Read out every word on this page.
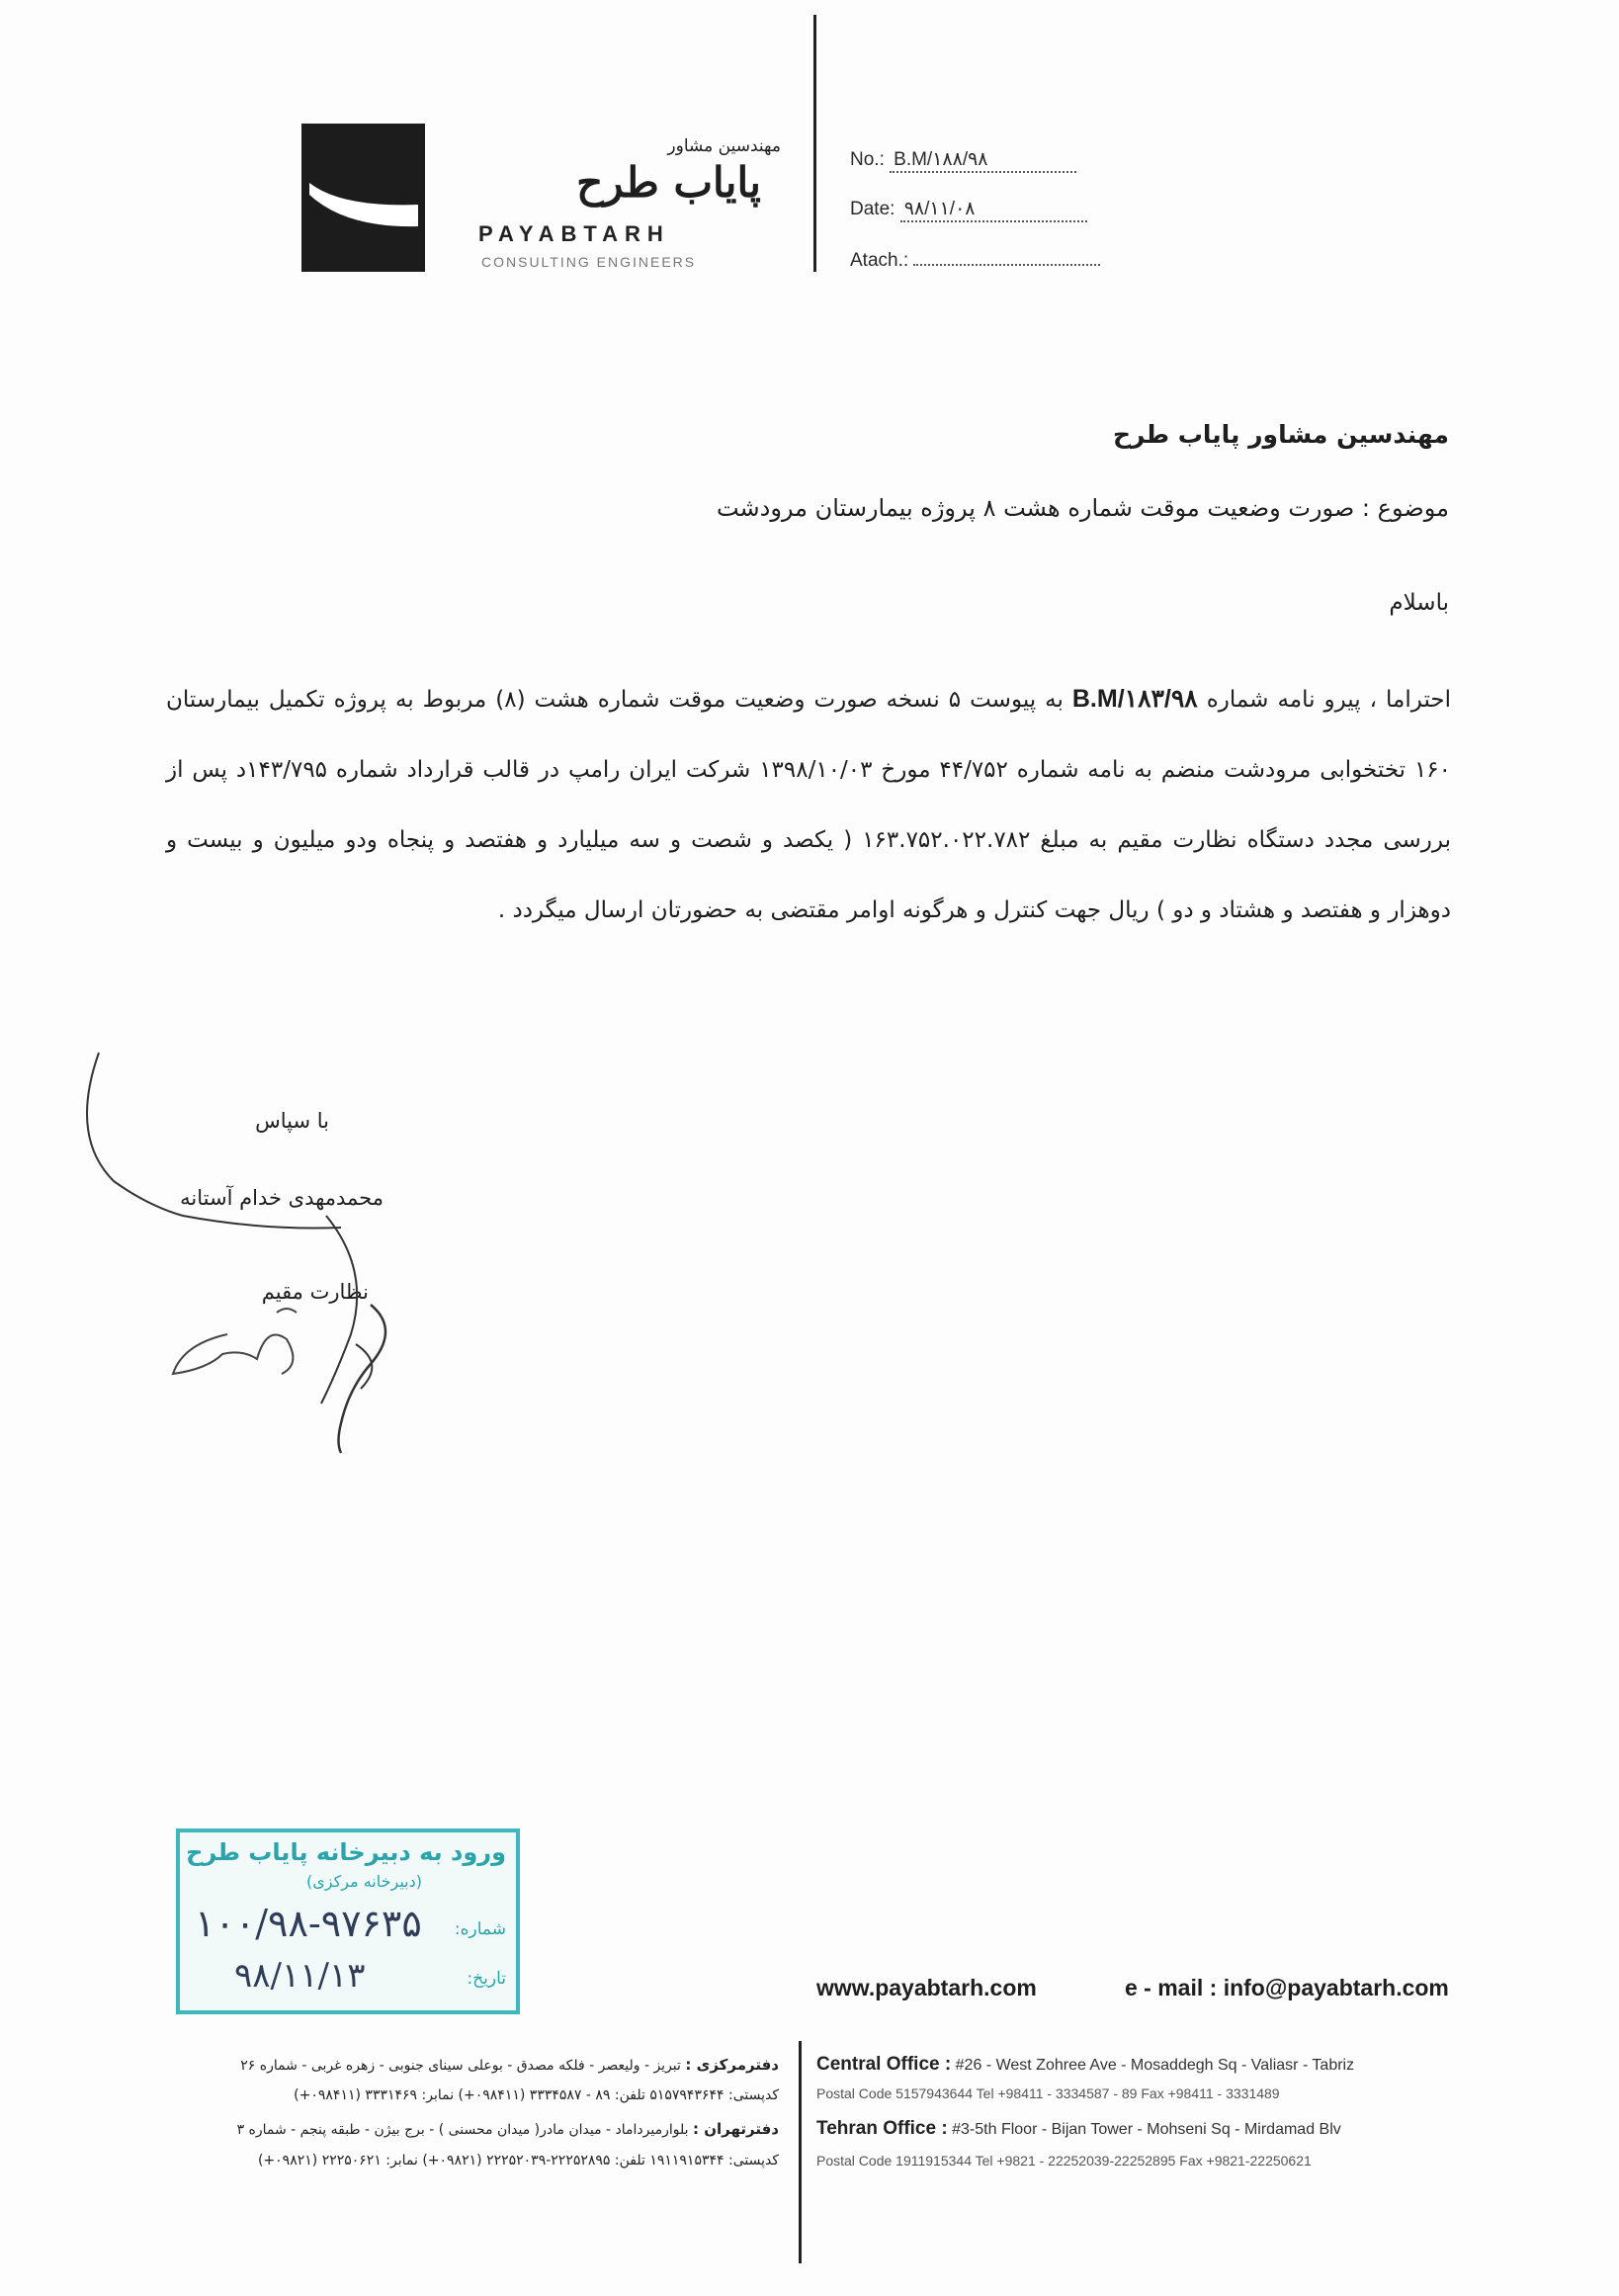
مهندسین مشاور
پایاب طرح
PAYABTARH
CONSULTING ENGINEERS
No.: B.M/۱۸۸/۹۸
Date: ۹۸/۱۱/۰۸
Atach.:
مهندسین مشاور پایاب طرح
موضوع : صورت وضعیت موقت شماره هشت ۸ پروژه بیمارستان مرودشت
باسلام
احتراما ، پیرو نامه شماره B.M/۱۸۳/۹۸ به پیوست ۵ نسخه صورت وضعیت موقت شماره هشت (۸) مربوط به پروژه تکمیل بیمارستان ۱۶۰ تختخوابی مرودشت منضم به نامه شماره ۴۴/۷۵۲ مورخ ۱۳۹۸/۱۰/۰۳ شرکت ایران رامپ در قالب قرارداد شماره ۱۴۳/۷۹۵د پس از بررسی مجدد دستگاه نظارت مقیم به مبلغ ۱۶۳.۷۵۲.۰۲۲.۷۸۲ ( یکصد و شصت و سه میلیارد و هفتصد و پنجاه ودو میلیون و بیست و دوهزار و هفتصد و هشتاد و دو ) ریال جهت کنترل و هرگونه اوامر مقتضی به حضورتان ارسال میگردد .
با سپاس
محمدمهدی خدام آستانه
نظارت مقیم
ورود به دبیرخانه پایاب طرح
(دبیرخانه مرکزی)
شماره:
تاریخ:
۱۰۰/۹۸-۹۷۶۳۵
۹۸/۱۱/۱۳	www.payabtarh.com	e - mail : info@payabtarh.com
Central Office : #26 - West Zohree Ave - Mosaddegh Sq - Valiasr - Tabriz
Postal Code 5157943644 Tel +98411 - 3334587 - 89 Fax +98411 - 3331489
Tehran Office : #3-5th Floor - Bijan Tower - Mohseni Sq - Mirdamad Blv
Postal Code 1911915344 Tel +9821 - 22252039-22252895 Fax +9821-22250621
دفترمرکزی : تبریز - ولیعصر - فلکه مصدق - بوعلی سینای جنوبی - زهره غربی - شماره ۲۶
کدپستی: ۵۱۵۷۹۴۳۶۴۴ تلفن: ۸۹ - ۳۳۳۴۵۸۷ (۰۹۸۴۱۱+) نمابر: ۳۳۳۱۴۶۹ (۰۹۸۴۱۱+)
دفترتهران : بلوارمیرداماد - میدان مادر( میدان محسنی ) - برج بیژن - طبقه پنجم - شماره ۳
کدپستی: ۱۹۱۱۹۱۵۳۴۴ تلفن: ۲۲۲۵۲۸۹۵-۲۲۲۵۲۰۳۹ (۰۹۸۲۱+) نمابر: ۲۲۲۵۰۶۲۱ (۰۹۸۲۱+)
